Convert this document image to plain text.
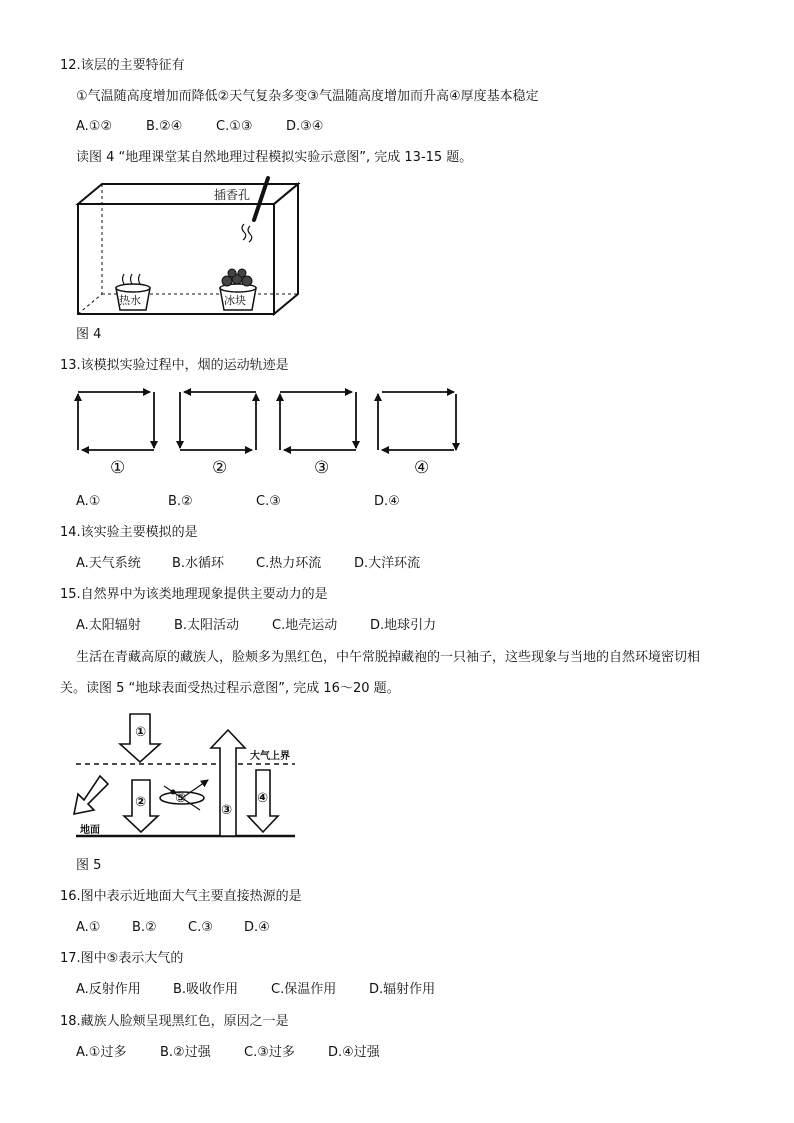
12.该层的主要特征有
①气温随高度增加而降低②天气复杂多变③气温随高度增加而升高④厚度基本稳定
A.①②	B.②④	C.①③	D.③④
读图 4 “地理课堂某自然地理过程模拟实验示意图”, 完成 13-15 题。
插香孔
热水	冰块
图 4
13.该模拟实验过程中，烟的运动轨迹是
①	②	③	④
A.①	B.②	C.③	D.④
14.该实验主要模拟的是
A.天气系统 B.水循环 C.热力环流	D.大洋环流
15.自然界中为该类地理现象提供主要动力的是
A.太阳辐射	B.太阳活动	C.地壳运动	D.地球引力
生活在青藏高原的藏族人，脸颊多为黑红色，中午常脱掉藏袍的一只袖子，这些现象与当地的自然环境密切相
关。读图 5 “地球表面受热过程示意图”, 完成 16～20 题。
①
②
③
④
⑤
大气上界
地面
图 5
16.图中表示近地面大气主要直接热源的是
A.① B.② C.③ D.④
17.图中⑤表示大气的
A.反射作用 B.吸收作用	C.保温作用	D.辐射作用
18.藏族人脸颊呈现黑红色，原因之一是
A.①过多	B.②过强	C.③过多	D.④过强
